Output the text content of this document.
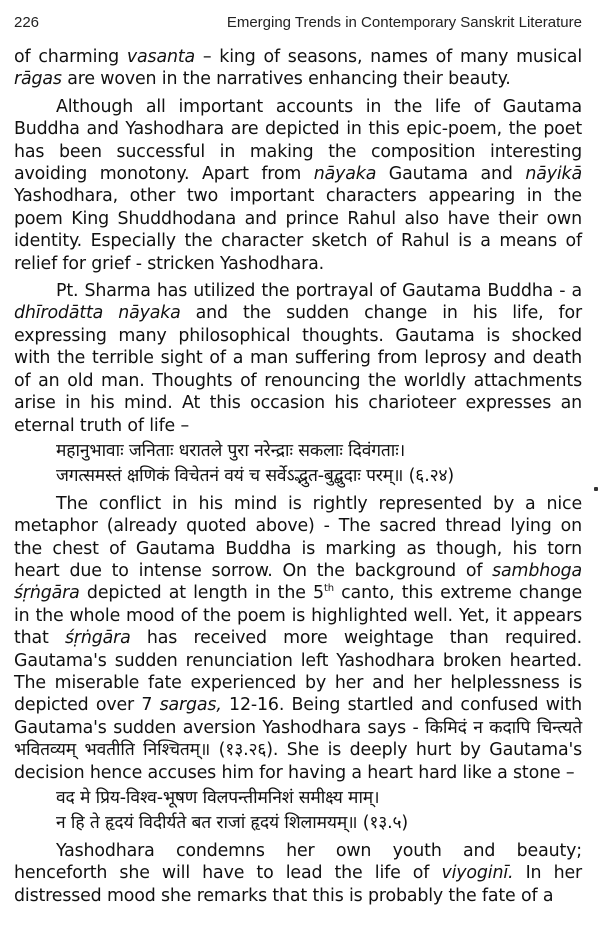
226	Emerging Trends in Contemporary Sanskrit Literature

of charming vasanta – king of seasons, names of many musical rāgas are woven in the narratives enhancing their beauty.

Although all important accounts in the life of Gautama Buddha and Yashodhara are depicted in this epic-poem, the poet has been successful in making the composition interesting avoiding monotony. Apart from nāyaka Gautama and nāyikā Yashodhara, other two important characters appearing in the poem King Shuddhodana and prince Rahul also have their own identity. Especially the character sketch of Rahul is a means of relief for grief - stricken Yashodhara.

Pt. Sharma has utilized the portrayal of Gautama Buddha - a dhīrodātta nāyaka and the sudden change in his life, for expressing many philosophical thoughts. Gautama is shocked with the terrible sight of a man suffering from leprosy and death of an old man. Thoughts of renouncing the worldly attachments arise in his mind. At this occasion his charioteer expresses an eternal truth of life –

महानुभावाः जनिताः धरातले पुरा नरेन्द्राः सकलाः दिवंगताः।

जगत्समस्तं क्षणिकं विचेतनं वयं च सर्वेऽद्भुत-बुद्बुदाः परम्॥ (६.२४)

The conflict in his mind is rightly represented by a nice metaphor (already quoted above) - The sacred thread lying on the chest of Gautama Buddha is marking as though, his torn heart due to intense sorrow. On the background of sambhoga śṛṅgāra depicted at length in the 5th canto, this extreme change in the whole mood of the poem is highlighted well. Yet, it appears that śṛṅgāra has received more weightage than required. Gautama's sudden renunciation left Yashodhara broken hearted. The miserable fate experienced by her and her helplessness is depicted over 7 sargas, 12-16. Being startled and confused with Gautama's sudden aversion Yashodhara says - किमिदं न कदापि चिन्त्यते भवितव्यम् भवतीति निश्चितम्॥ (१३.२६). She is deeply hurt by Gautama's decision hence accuses him for having a heart hard like a stone –

वद मे प्रिय-विश्व-भूषण विलपन्तीमनिशं समीक्ष्य माम्।

न हि ते हृदयं विदीर्यते बत राजां हृदयं शिलामयम्॥ (१३.५)

Yashodhara condemns her own youth and beauty; henceforth she will have to lead the life of viyoginī. In her distressed mood she remarks that this is probably the fate of a
